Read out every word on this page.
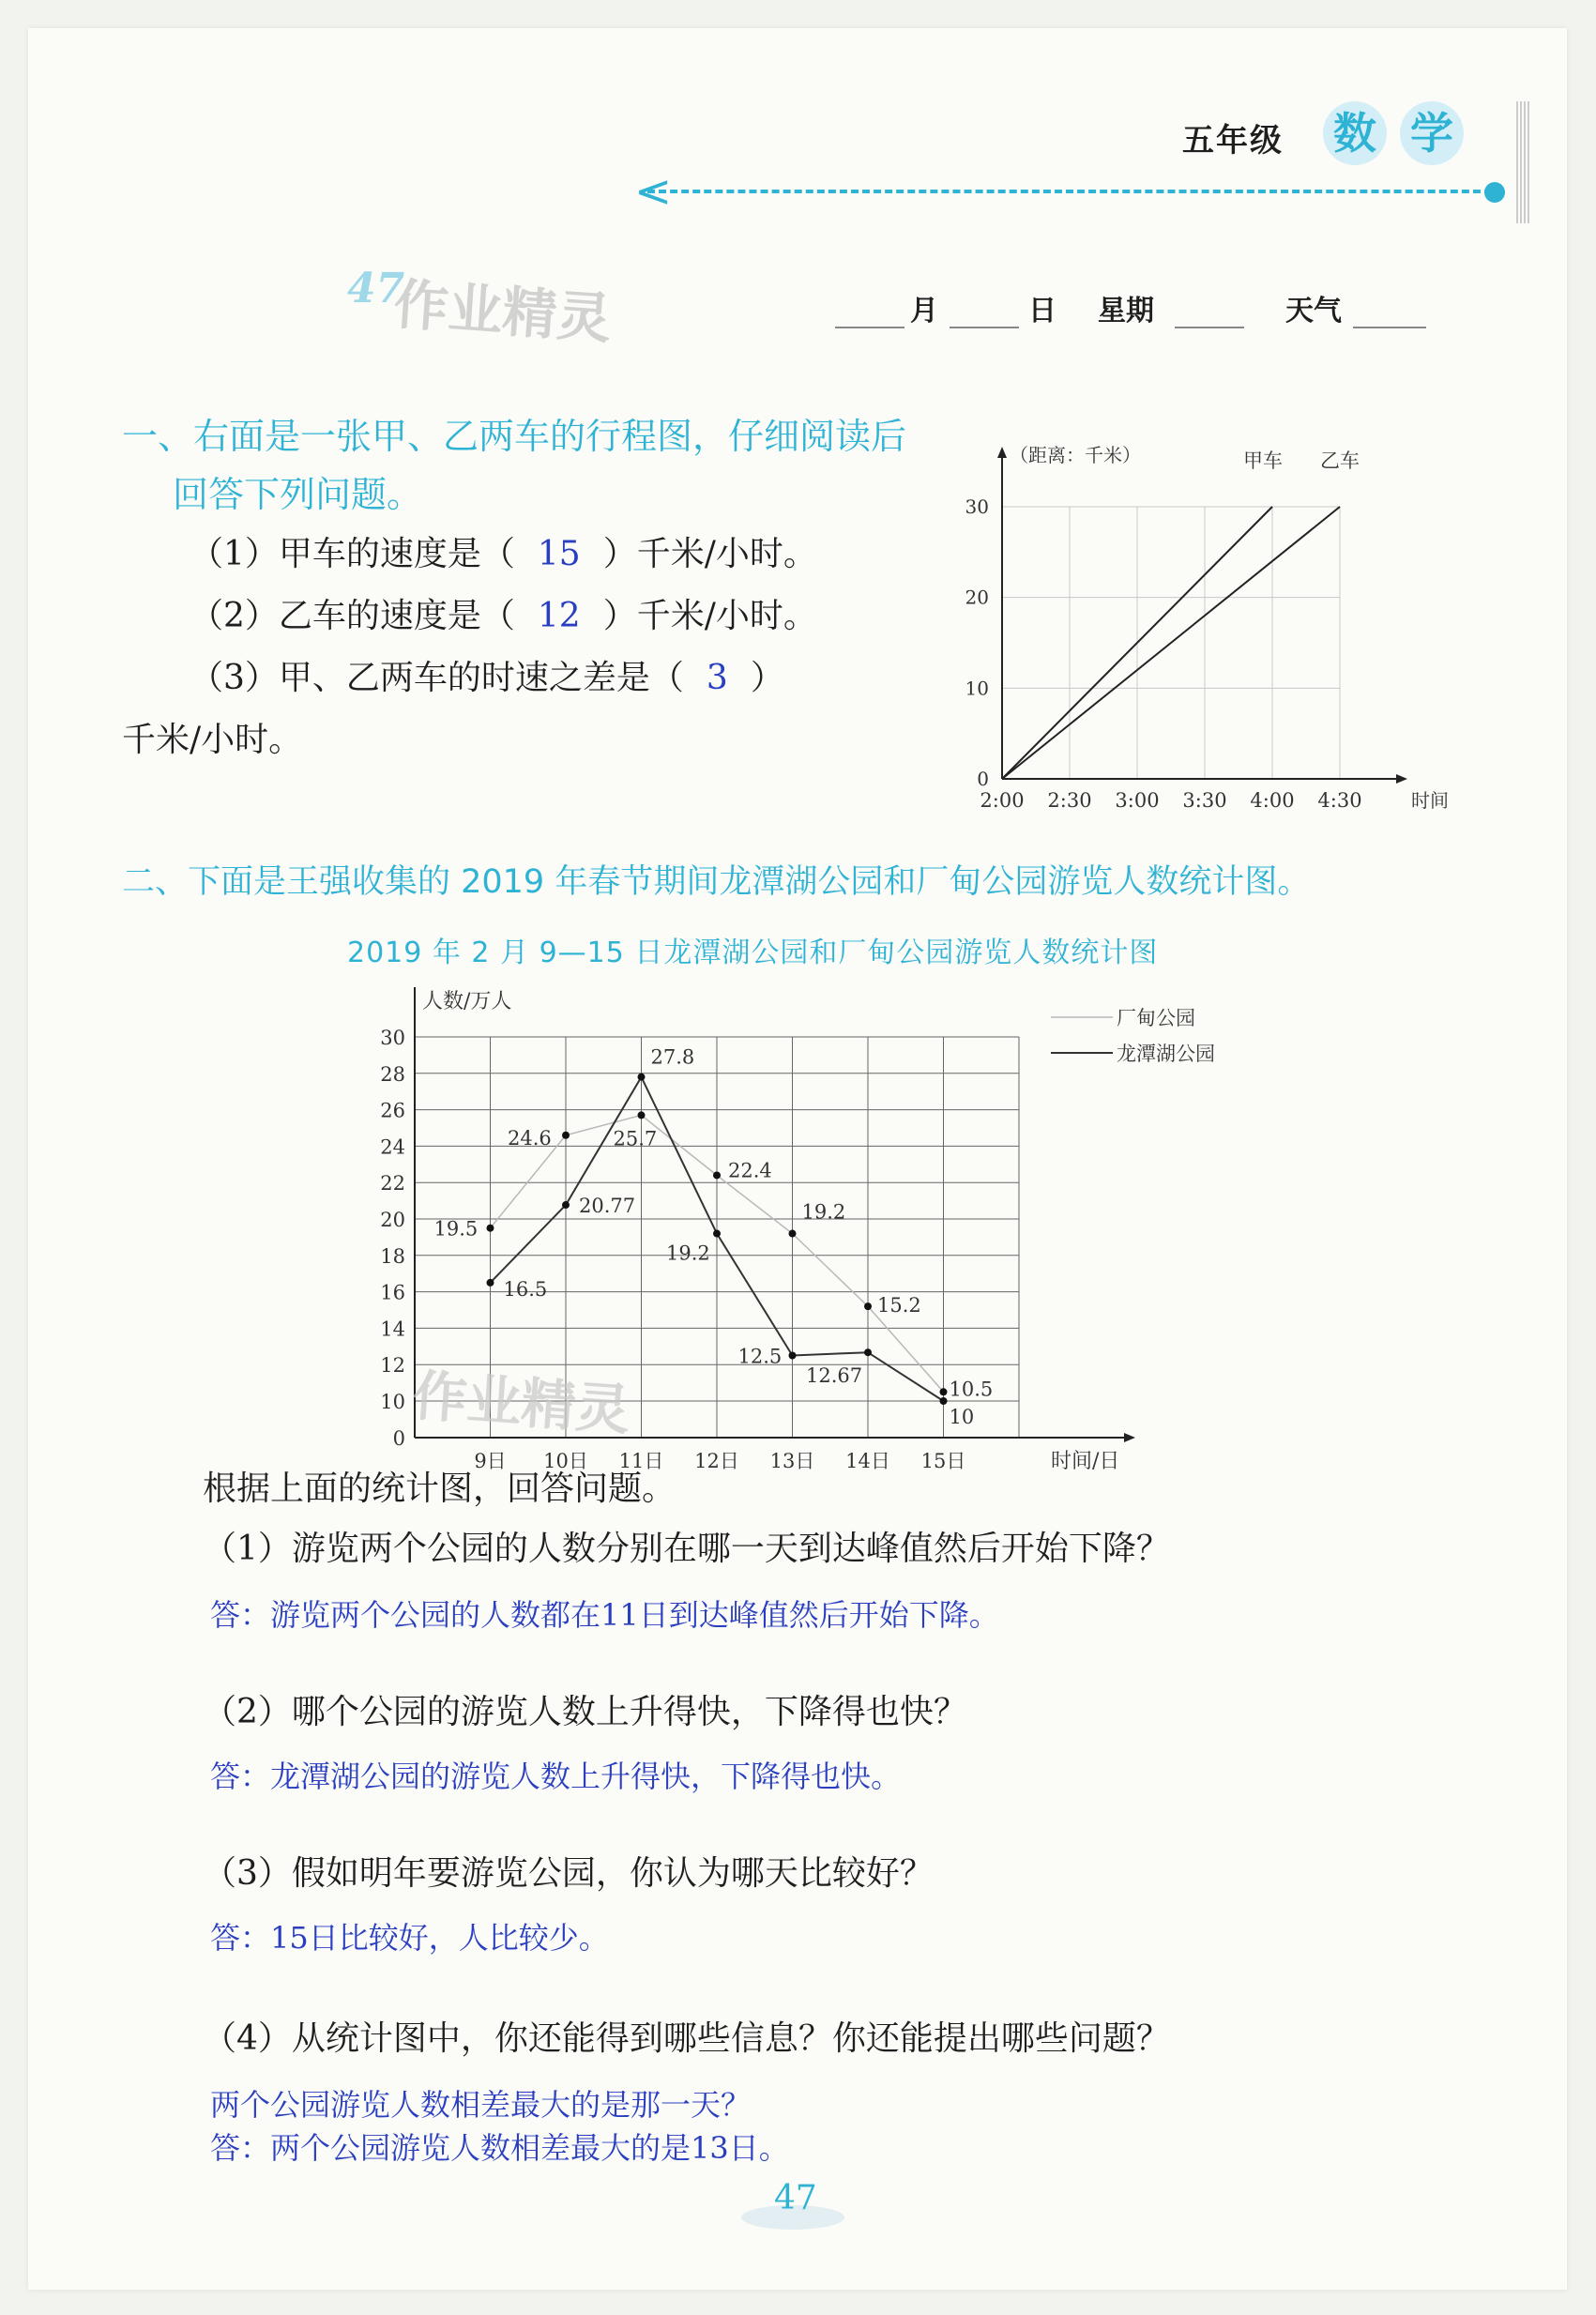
五年级 数 学
<
47
作业精灵	月	日 星期	天气
一、右面是一张甲、乙两车的行程图，仔细阅读后
回答下列问题。
（1）甲车的速度是（ 15 ）千米/小时。
（2）乙车的速度是（ 12 ）千米/小时。
（3）甲、乙两车的时速之差是（ 3 ）
千米/小时。
（距离：千米）
时间
0
10
20
30
2:00 2:30 3:00 3:30 4:00 4:30
甲车 乙车
二、下面是王强收集的 2019 年春节期间龙潭湖公园和厂甸公园游览人数统计图。
2019 年 2 月 9—15 日龙潭湖公园和厂甸公园游览人数统计图
人数/万人
时间/日
0
10
12
14
16
18
20
22
24
26
28
30
9日 10日 11日 12日 13日 14日 15日
19.5
24.6	25.7
22.4
19.2
15.2
10.5
16.5
20.77
27.8
19.2
12.5
12.67
10
厂甸公园
龙潭湖公园
作业精灵
根据上面的统计图，回答问题。
（1）游览两个公园的人数分别在哪一天到达峰值然后开始下降？
答：游览两个公园的人数都在11日到达峰值然后开始下降。
（2）哪个公园的游览人数上升得快，下降得也快？
答：龙潭湖公园的游览人数上升得快，下降得也快。
（3）假如明年要游览公园，你认为哪天比较好？
答：15日比较好，人比较少。
（4）从统计图中，你还能得到哪些信息？你还能提出哪些问题？
两个公园游览人数相差最大的是那一天？
答：两个公园游览人数相差最大的是13日。
47
